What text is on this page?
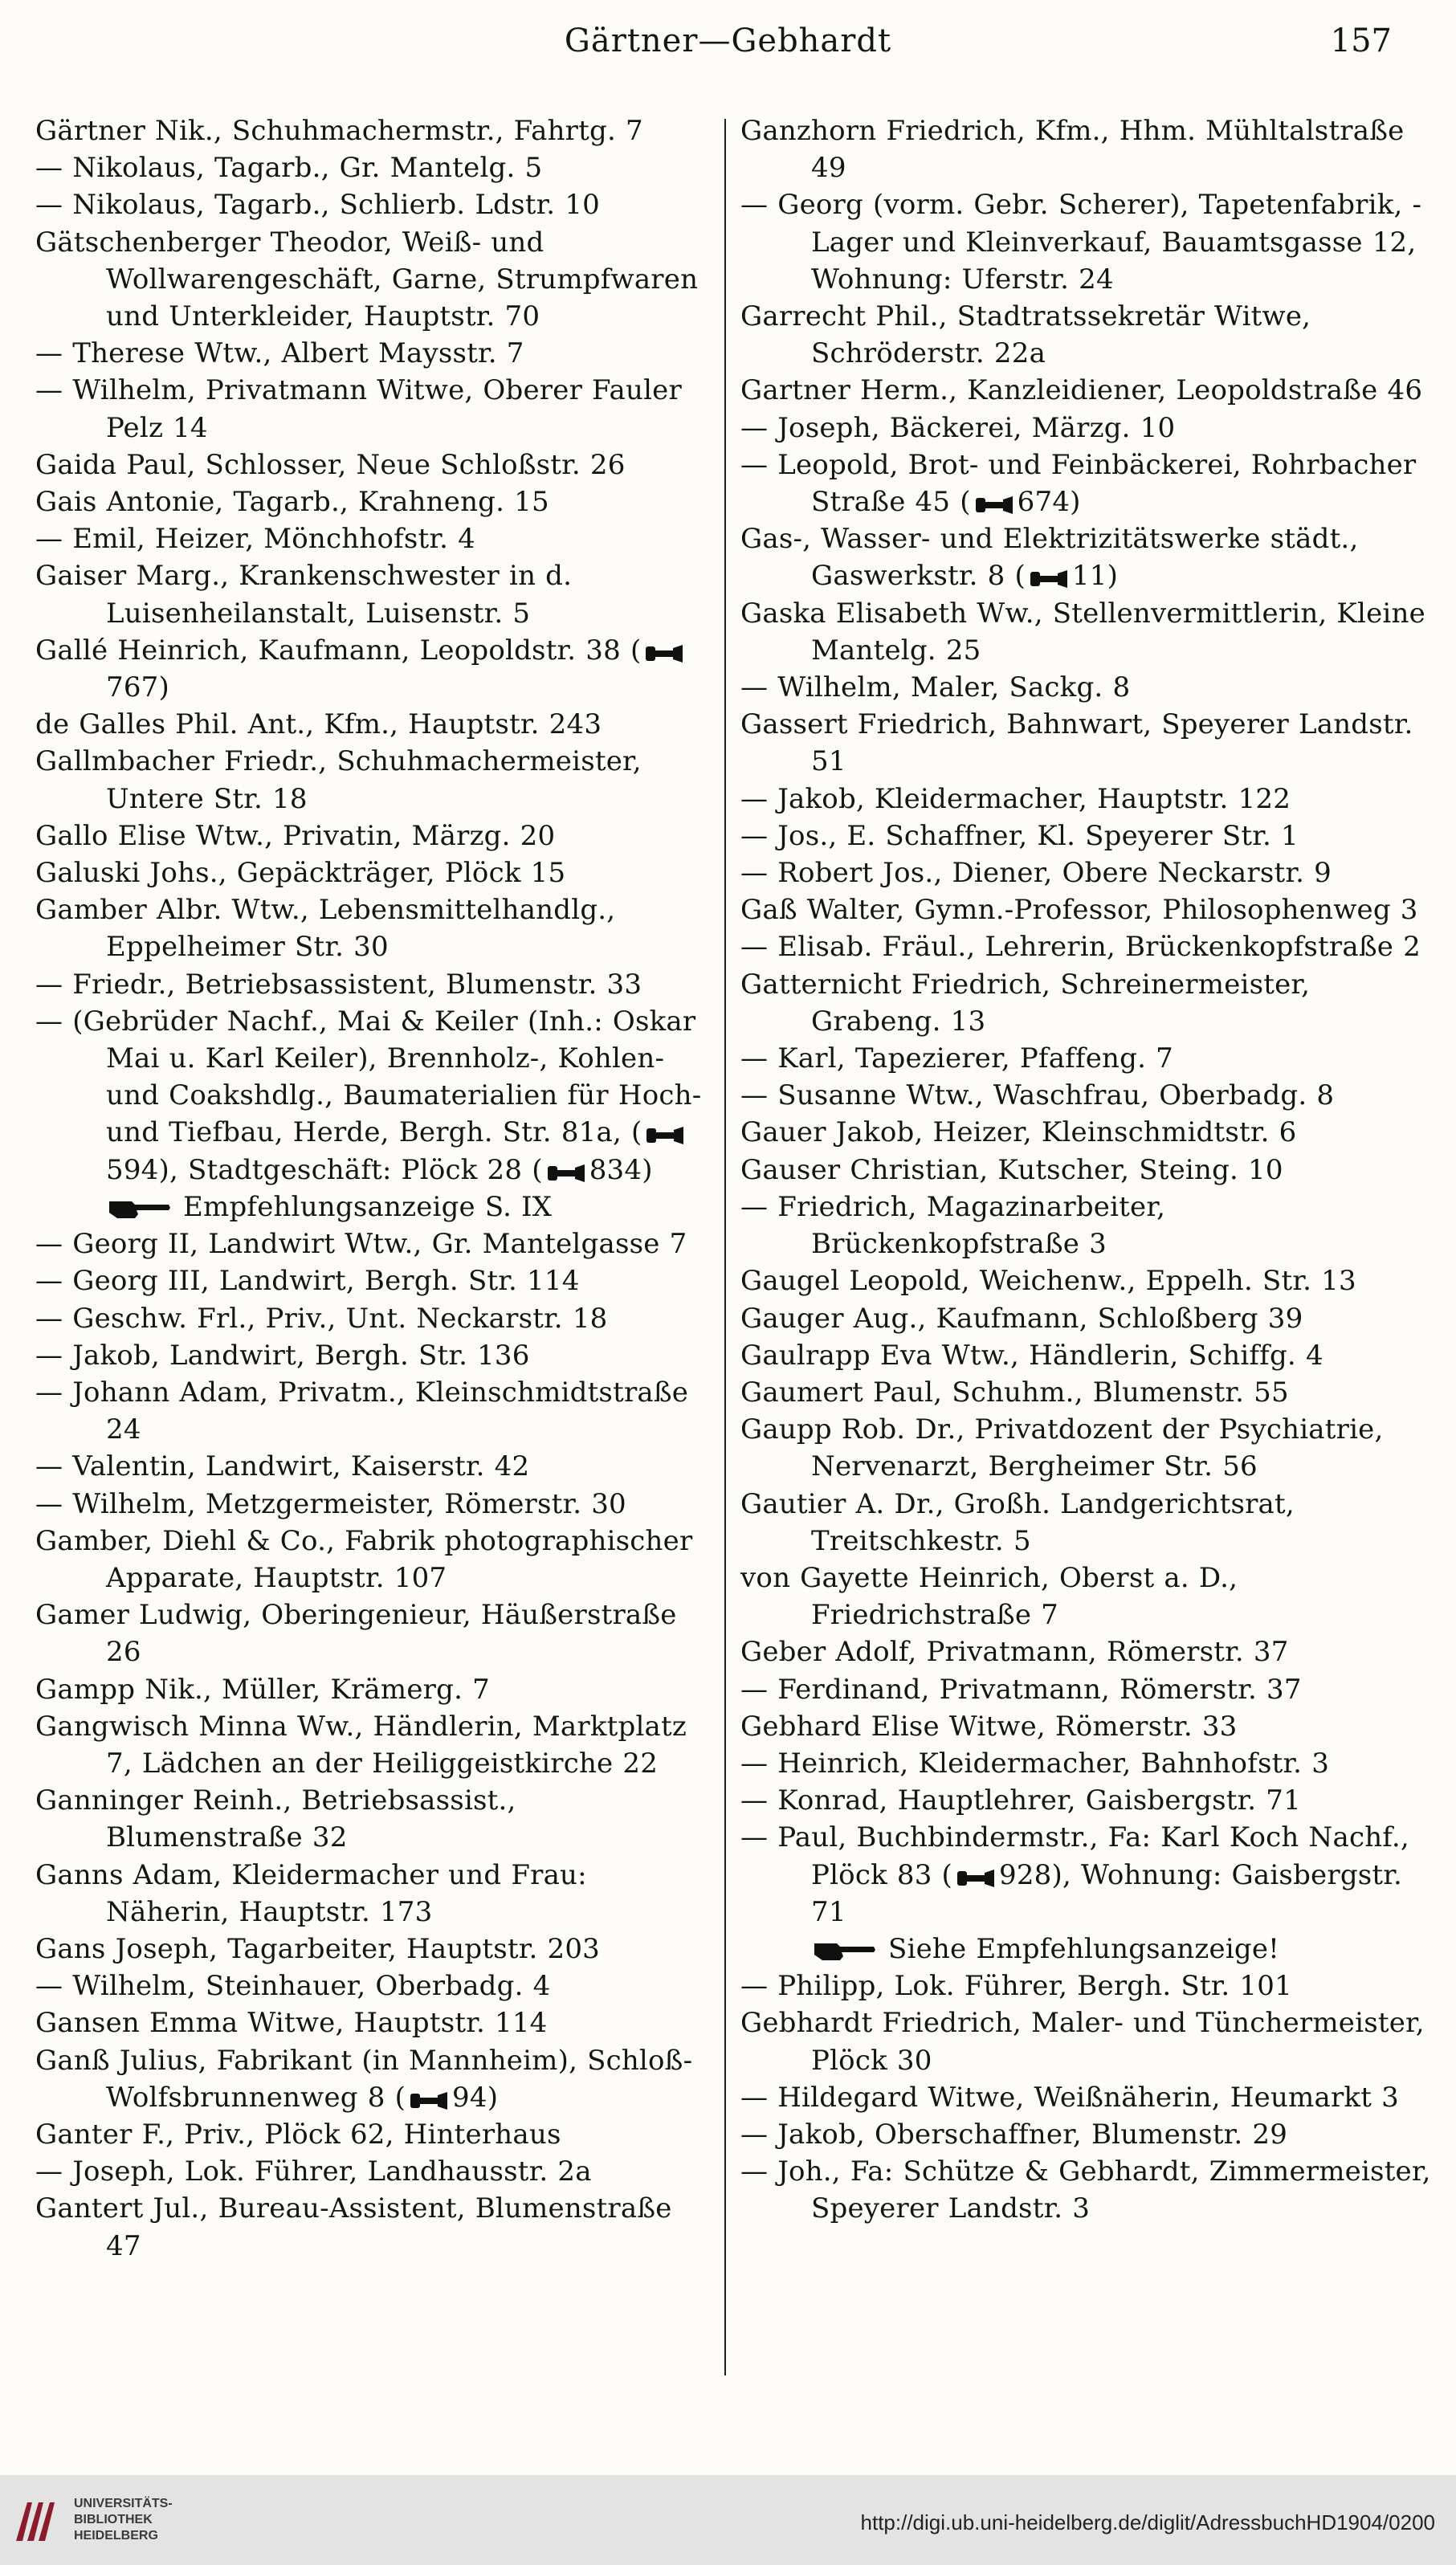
Gärtner—Gebhardt	157

Gärtner Nik., Schuhmachermstr., Fahrtg. 7

— Nikolaus, Tagarb., Gr. Mantelg. 5

— Nikolaus, Tagarb., Schlierb. Ldstr. 10

Gätschenberger Theodor, Weiß- und Wollwarengeschäft, Garne, Strumpfwaren und Unterkleider, Hauptstr. 70

— Therese Wtw., Albert Maysstr. 7

— Wilhelm, Privatmann Witwe, Oberer Fauler Pelz 14

Gaida Paul, Schlosser, Neue Schloßstr. 26

Gais Antonie, Tagarb., Krahneng. 15

— Emil, Heizer, Mönchhofstr. 4

Gaiser Marg., Krankenschwester in d. Luisenheilanstalt, Luisenstr. 5

Gallé Heinrich, Kaufmann, Leopoldstr. 38 (767)

de Galles Phil. Ant., Kfm., Hauptstr. 243

Gallmbacher Friedr., Schuhmachermeister, Untere Str. 18

Gallo Elise Wtw., Privatin, Märzg. 20

Galuski Johs., Gepäckträger, Plöck 15

Gamber Albr. Wtw., Lebensmittelhandlg., Eppelheimer Str. 30

— Friedr., Betriebsassistent, Blumenstr. 33

— (Gebrüder Nachf., Mai & Keiler (Inh.: Oskar Mai u. Karl Keiler), Brennholz-, Kohlen- und Coakshdlg., Baumaterialien für Hoch- und Tiefbau, Herde, Bergh. Str. 81a, (594), Stadtgeschäft: Plöck 28 ( 834)

Empfehlungsanzeige S. IX

— Georg II, Landwirt Wtw., Gr. Mantelgasse 7

— Georg III, Landwirt, Bergh. Str. 114

— Geschw. Frl., Priv., Unt. Neckarstr. 18

— Jakob, Landwirt, Bergh. Str. 136

— Johann Adam, Privatm., Kleinschmidtstraße 24

— Valentin, Landwirt, Kaiserstr. 42

— Wilhelm, Metzgermeister, Römerstr. 30

Gamber, Diehl & Co., Fabrik photographischer Apparate, Hauptstr. 107

Gamer Ludwig, Oberingenieur, Häußerstraße 26

Gampp Nik., Müller, Krämerg. 7

Gangwisch Minna Ww., Händlerin, Marktplatz 7, Lädchen an der Heiliggeistkirche 22

Ganninger Reinh., Betriebsassist., Blumenstraße 32

Ganns Adam, Kleidermacher und Frau: Näherin, Hauptstr. 173

Gans Joseph, Tagarbeiter, Hauptstr. 203

— Wilhelm, Steinhauer, Oberbadg. 4

Gansen Emma Witwe, Hauptstr. 114

Ganß Julius, Fabrikant (in Mannheim), Schloß-Wolfsbrunnenweg 8 ( 94)

Ganter F., Priv., Plöck 62, Hinterhaus

— Joseph, Lok. Führer, Landhausstr. 2a

Gantert Jul., Bureau-Assistent, Blumenstraße 47

Ganzhorn Friedrich, Kfm., Hhm. Mühltalstraße 49

— Georg (vorm. Gebr. Scherer), Tapetenfabrik, -Lager und Kleinverkauf, Bauamtsgasse 12, Wohnung: Uferstr. 24

Garrecht Phil., Stadtratssekretär Witwe, Schröderstr. 22a

Gartner Herm., Kanzleidiener, Leopoldstraße 46

— Joseph, Bäckerei, Märzg. 10

— Leopold, Brot- und Feinbäckerei, Rohrbacher Straße 45 ( 674)

Gas-, Wasser- und Elektrizitätswerke städt., Gaswerkstr. 8 ( 11)

Gaska Elisabeth Ww., Stellenvermittlerin, Kleine Mantelg. 25

— Wilhelm, Maler, Sackg. 8

Gassert Friedrich, Bahnwart, Speyerer Landstr. 51

— Jakob, Kleidermacher, Hauptstr. 122

— Jos., E. Schaffner, Kl. Speyerer Str. 1

— Robert Jos., Diener, Obere Neckarstr. 9

Gaß Walter, Gymn.-Professor, Philosophenweg 3

— Elisab. Fräul., Lehrerin, Brückenkopfstraße 2

Gatternicht Friedrich, Schreinermeister, Grabeng. 13

— Karl, Tapezierer, Pfaffeng. 7

— Susanne Wtw., Waschfrau, Oberbadg. 8

Gauer Jakob, Heizer, Kleinschmidtstr. 6

Gauser Christian, Kutscher, Steing. 10

— Friedrich, Magazinarbeiter, Brückenkopfstraße 3

Gaugel Leopold, Weichenw., Eppelh. Str. 13

Gauger Aug., Kaufmann, Schloßberg 39

Gaulrapp Eva Wtw., Händlerin, Schiffg. 4

Gaumert Paul, Schuhm., Blumenstr. 55

Gaupp Rob. Dr., Privatdozent der Psychiatrie, Nervenarzt, Bergheimer Str. 56

Gautier A. Dr., Großh. Landgerichtsrat, Treitschkestr. 5

von Gayette Heinrich, Oberst a. D., Friedrichstraße 7

Geber Adolf, Privatmann, Römerstr. 37

— Ferdinand, Privatmann, Römerstr. 37

Gebhard Elise Witwe, Römerstr. 33

— Heinrich, Kleidermacher, Bahnhofstr. 3

— Konrad, Hauptlehrer, Gaisbergstr. 71

— Paul, Buchbindermstr., Fa: Karl Koch Nachf., Plöck 83 ( 928), Wohnung: Gaisbergstr. 71

Siehe Empfehlungsanzeige!

— Philipp, Lok. Führer, Bergh. Str. 101

Gebhardt Friedrich, Maler- und Tünchermeister, Plöck 30

— Hildegard Witwe, Weißnäherin, Heumarkt 3

— Jakob, Oberschaffner, Blumenstr. 29

— Joh., Fa: Schütze & Gebhardt, Zimmermeister, Speyerer Landstr. 3

UNIVERSITÄTS-
BIBLIOTHEK
HEIDELBERG
http://digi.ub.uni-heidelberg.de/diglit/AdressbuchHD1904/0200
